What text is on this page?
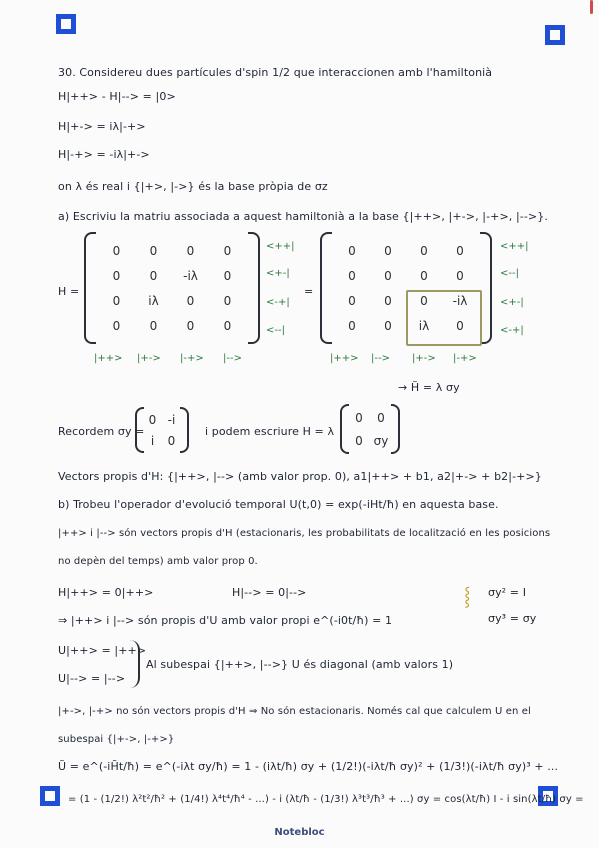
30. Considereu dues partícules d'spin 1/2 que interaccionen amb l'hamiltonià
H|++> - H|--> = |0>
H|+-> = iλ|-+>
H|-+> = -iλ|+->
on λ és real i {|+>, |->} és la base pròpia de σz
a) Escriviu la matriu associada a aquest hamiltonià a la base {|++>, |+->, |-+>, |-->}.
H =
0	0	0	0
0	0	-iλ	0
0	iλ	0	0
0	0	0	0
<++|
<+-|
<-+|
<--|
|++> |+-> |-+> |-->
=
0	0	0	0
0	0	0	0
0	0	0	-iλ
0	0	iλ	0
<++|
<--|
<+-|
<-+|
|++> |--> |+-> |-+>
→ H̃ = λ σy
Recordem σy =
0 -i
i	0
i podem escriure H = λ
0	0
0 σy
Vectors propis d'H: {|++>, |--> (amb valor prop. 0), a1|++> + b1, a2|+-> + b2|-+>}
b) Trobeu l'operador d'evolució temporal U(t,0) = exp(-iHt/ħ) en aquesta base.
|++> i |--> són vectors propis d'H (estacionaris, les probabilitats de localització en les posicions
no depèn del temps) amb valor prop 0.
H|++> = 0|++>	H|--> = 0|-->	⸾ σy² = I
σy³ = σy
⇒ |++> i |--> són propis d'U amb valor propi e^(-i0t/ħ) = 1
U|++> = |++>
U|--> = |-->
Al subespai {|++>, |-->} U és diagonal (amb valors 1)
|+->, |-+> no són vectors propis d'H ⇒ No són estacionaris. Només cal que calculem U en el
subespai {|+->, |-+>}
Ũ = e^(-iH̃t/ħ) = e^(-iλt σy/ħ) = 1 - (iλt/ħ) σy + (1/2!)(-iλt/ħ σy)² + (1/3!)(-iλt/ħ σy)³ + ...
= (1 - (1/2!) λ²t²/ħ² + (1/4!) λ⁴t⁴/ħ⁴ - ...) - i (λt/ħ - (1/3!) λ³t³/ħ³ + ...) σy = cos(λt/ħ) I - i sin(λt/ħ) σy =
Notebloc
